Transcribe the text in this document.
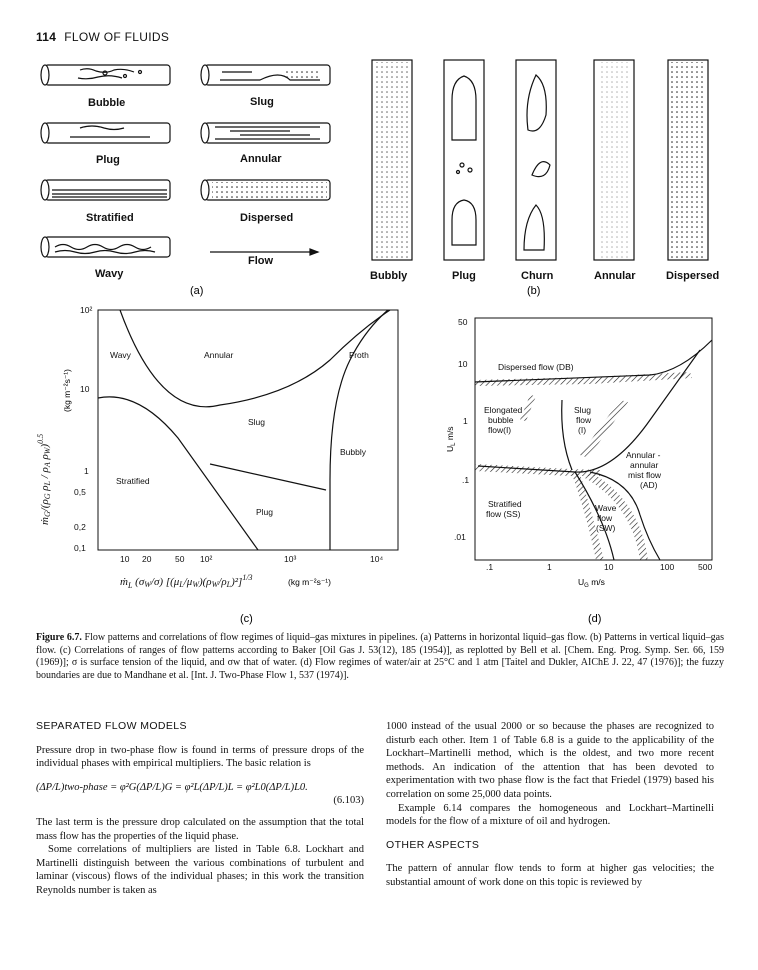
114 FLOW OF FLUIDS
Bubble	Slug
Plug	Annular
Stratified	Dispersed
Wavy
Flow
(a)
Bubbly	Plug	Churn	Annular	Dispersed
(b)
10²
10
1
0,5
0,2
0,1
10 20	50 10²	10³	10⁴
Wavy	Annular	Froth
Slug
Bubbly
Stratified
Plug
ṁG/(ρG ρL / ρA ρW)$^{0.5}$
ṁ$_L$ (σW/σ) $[(\mu L/\mu W)(\rho W/\rho L)^2]^{1/3}$
(kg m⁻²s⁻¹)
(kg m⁻²s⁻¹)
(c)
50
10
1
.1
.01
.1	1	10	100	500
Dispersed flow (DB)
Elongated
bubble
flow(I)
Slug
flow
(I)
Annular -
annular
mist flow
(AD)
Stratified
flow (SS)
Wave
flow
(SW)
$U_G$ m/s
$U_L$ m/s
(d)
Figure 6.7. Flow patterns and correlations of flow regimes of liquid–gas mixtures in pipelines. (a) Patterns in horizontal liquid–gas flow. (b) Patterns in vertical liquid–gas flow. (c) Correlations of ranges of flow patterns according to Baker [Oil Gas J. 53(12), 185 (1954)], as replotted by Bell et al. [Chem. Eng. Prog. Symp. Ser. 66, 159 (1969)]; σ is surface tension of the liquid, and σw that of water. (d) Flow regimes of water/air at 25°C and 1 atm [Taitel and Dukler, AIChE J. 22, 47 (1976)]; the fuzzy boundaries are due to Mandhane et al. [Int. J. Two-Phase Flow 1, 537 (1974)].
SEPARATED FLOW MODELS

Pressure drop in two-phase flow is found in terms of pressure drops of the individual phases with empirical multipliers. The basic relation is

(ΔP/L)two-phase = φ²G(ΔP/L)G = φ²L(ΔP/L)L = φ²L0(ΔP/L)L0.
(6.103)

The last term is the pressure drop calculated on the assumption that the total mass flow has the properties of the liquid phase.

Some correlations of multipliers are listed in Table 6.8. Lockhart and Martinelli distinguish between the various combinations of turbulent and laminar (viscous) flows of the individual phases; in this work the transition Reynolds number is taken as

1000 instead of the usual 2000 or so because the phases are recognized to disturb each other. Item 1 of Table 6.8 is a guide to the applicability of the Lockhart–Martinelli method, which is the oldest, and two more recent methods. An indication of the attention that has been devoted to experimentation with two phase flow is the fact that Friedel (1979) based his correlation on some 25,000 data points.

Example 6.14 compares the homogeneous and Lockhart–Martinelli models for the flow of a mixture of oil and hydrogen.

OTHER ASPECTS

The pattern of annular flow tends to form at higher gas velocities; the substantial amount of work done on this topic is reviewed by
